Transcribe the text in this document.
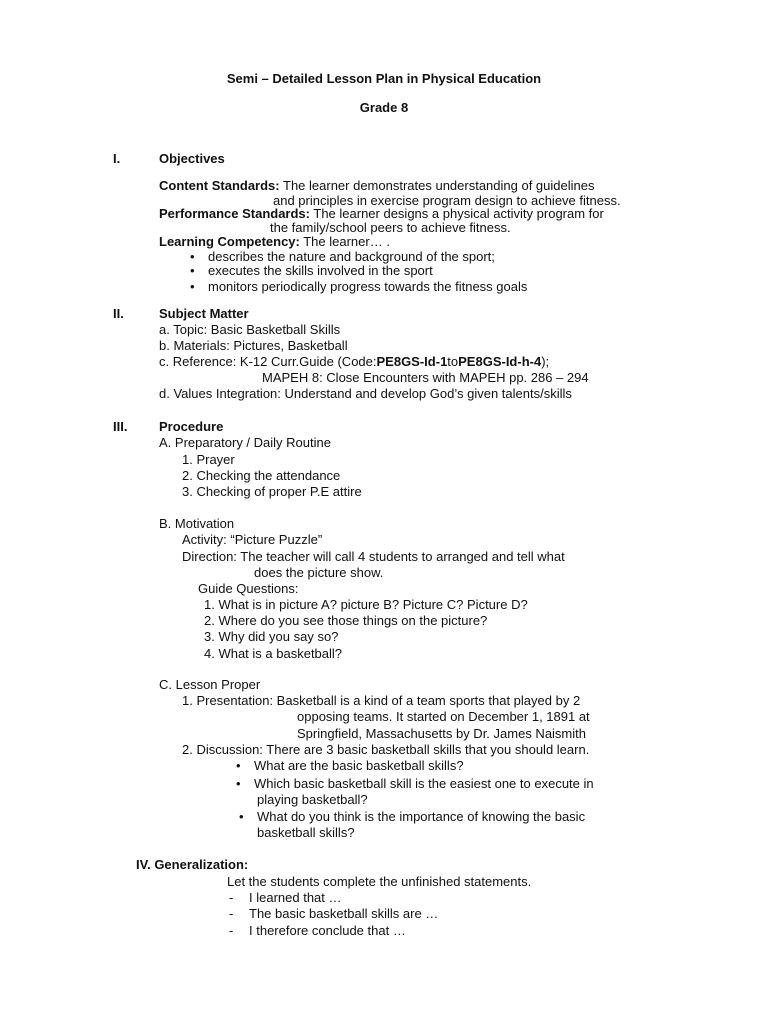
Semi – Detailed Lesson Plan in Physical Education
Grade 8
I.	Objectives
Content Standards: The learner demonstrates understanding of guidelines
and principles in exercise program design to achieve fitness.
Performance Standards: The learner designs a physical activity program for
the family/school peers to achieve fitness.
Learning Competency: The learner… .
• describes the nature and background of the sport;
• executes the skills involved in the sport
• monitors periodically progress towards the fitness goals
II.	Subject Matter
a. Topic: Basic Basketball Skills
b. Materials: Pictures, Basketball
c. Reference: K-12 Curr.Guide (Code:PE8GS-Id-1toPE8GS-Id-h-4);
MAPEH 8: Close Encounters with MAPEH pp. 286 – 294
d. Values Integration: Understand and develop God’s given talents/skills
III. Procedure
A. Preparatory / Daily Routine
1. Prayer
2. Checking the attendance
3. Checking of proper P.E attire
B. Motivation
Activity: “Picture Puzzle”
Direction: The teacher will call 4 students to arranged and tell what
does the picture show.
Guide Questions:
1. What is in picture A? picture B? Picture C? Picture D?
2. Where do you see those things on the picture?
3. Why did you say so?
4. What is a basketball?
C. Lesson Proper
1. Presentation: Basketball is a kind of a team sports that played by 2
opposing teams. It started on December 1, 1891 at
Springfield, Massachusetts by Dr. James Naismith
2. Discussion: There are 3 basic basketball skills that you should learn.
• What are the basic basketball skills?
• Which basic basketball skill is the easiest one to execute in
playing basketball?
• What do you think is the importance of knowing the basic
basketball skills?
IV. Generalization:
Let the students complete the unfinished statements.
- I learned that …
- The basic basketball skills are …
- I therefore conclude that …
